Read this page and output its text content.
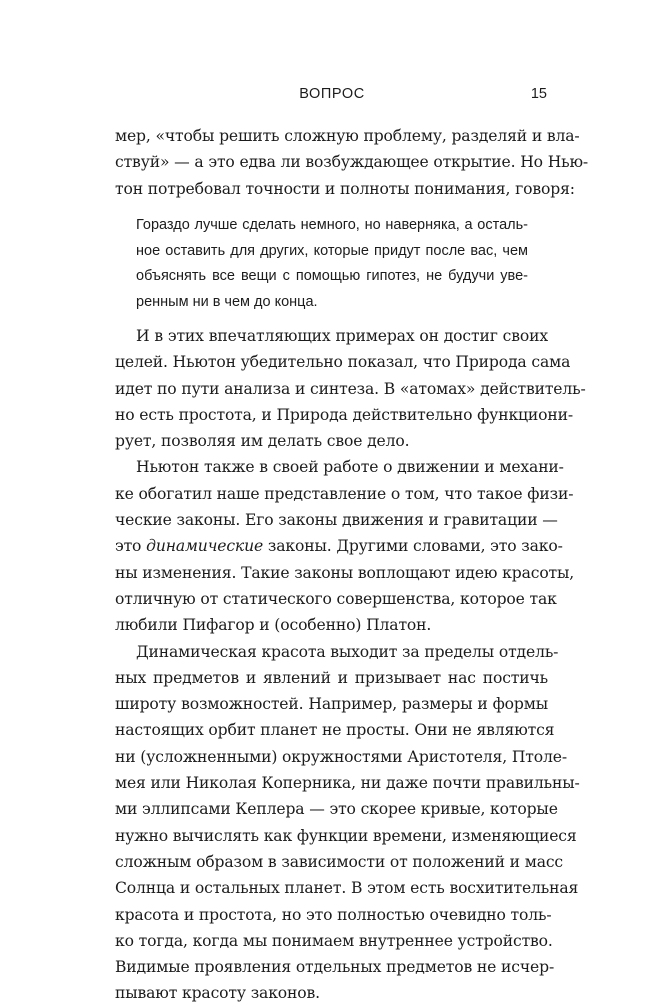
ВОПРОС	15
мер, «чтобы решить сложную проблему, разделяй и вла-
ствуй» — а это едва ли возбуждающее открытие. Но Нью-
тон потребовал точности и полноты понимания, говоря:
Гораздо лучше сделать немного, но наверняка, а осталь-
ное оставить для других, которые придут после вас, чем
объяснять все вещи с помощью гипотез, не будучи уве-
ренным ни в чем до конца.
И в этих впечатляющих примерах он достиг своих
целей. Ньютон убедительно показал, что Природа сама
идет по пути анализа и синтеза. В «атомах» действитель-
но есть простота, и Природа действительно функциони-
рует, позволяя им делать свое дело.
Ньютон также в своей работе о движении и механи-
ке обогатил наше представление о том, что такое физи-
ческие законы. Его законы движения и гравитации —
это динамические законы. Другими словами, это зако-
ны изменения. Такие законы воплощают идею красоты,
отличную от статического совершенства, которое так
любили Пифагор и (особенно) Платон.
Динамическая красота выходит за пределы отдель-
ных предметов и явлений и призывает нас постичь
широту возможностей. Например, размеры и формы
настоящих орбит планет не просты. Они не являются
ни (усложненными) окружностями Аристотеля, Птоле-
мея или Николая Коперника, ни даже почти правильны-
ми эллипсами Кеплера — это скорее кривые, которые
нужно вычислять как функции времени, изменяющиеся
сложным образом в зависимости от положений и масс
Солнца и остальных планет. В этом есть восхитительная
красота и простота, но это полностью очевидно толь-
ко тогда, когда мы понимаем внутреннее устройство.
Видимые проявления отдельных предметов не исчер-
пывают красоту законов.
